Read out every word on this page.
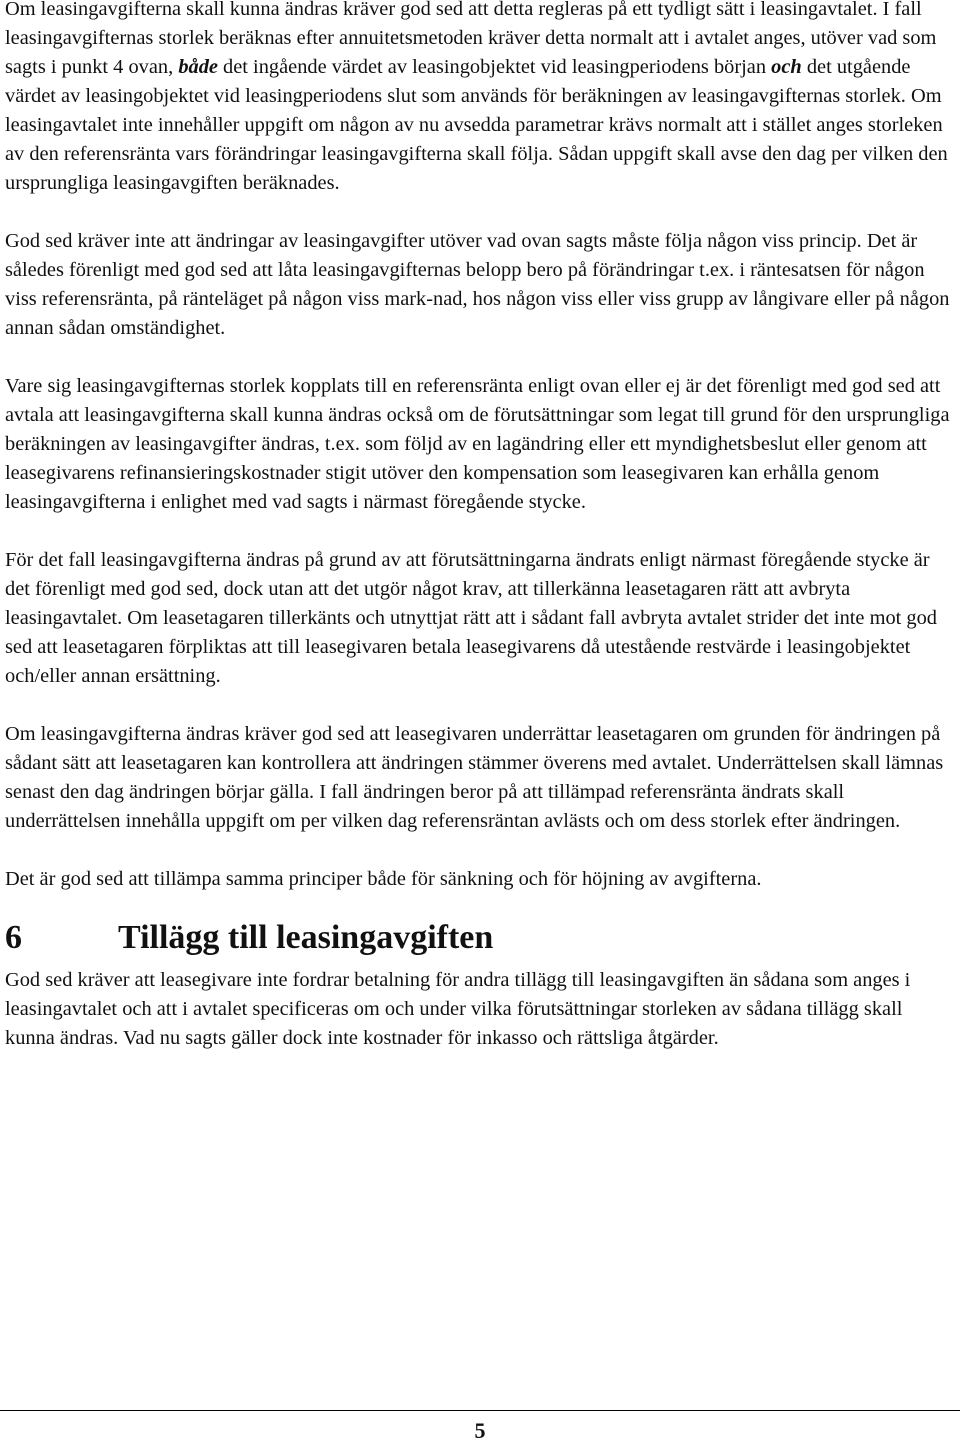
Om leasingavgifterna skall kunna ändras kräver god sed att detta regleras på ett tydligt sätt i leasingavtalet. I fall leasingavgifternas storlek beräknas efter annuitetsmetoden kräver detta normalt att i avtalet anges, utöver vad som sagts i punkt 4 ovan, både det ingående värdet av leasingobjektet vid leasingperiodens början och det utgående värdet av leasingobjektet vid leasingperiodens slut som används för beräkningen av leasingavgifternas storlek. Om leasingavtalet inte innehåller uppgift om någon av nu avsedda parametrar krävs normalt att i stället anges storleken av den referensränta vars förändringar leasingavgifterna skall följa. Sådan uppgift skall avse den dag per vilken den ursprungliga leasingavgiften beräknades.

God sed kräver inte att ändringar av leasingavgifter utöver vad ovan sagts måste följa någon viss princip. Det är således förenligt med god sed att låta leasingavgifternas belopp bero på förändringar t.ex. i räntesatsen för någon viss referensränta, på ränteläget på någon viss mark-nad, hos någon viss eller viss grupp av långivare eller på någon annan sådan omständighet.

Vare sig leasingavgifternas storlek kopplats till en referensränta enligt ovan eller ej är det förenligt med god sed att avtala att leasingavgifterna skall kunna ändras också om de förutsättningar som legat till grund för den ursprungliga beräkningen av leasingavgifter ändras, t.ex. som följd av en lagändring eller ett myndighetsbeslut eller genom att leasegivarens refinansieringskostnader stigit utöver den kompensation som leasegivaren kan erhålla genom leasingavgifterna i enlighet med vad sagts i närmast föregående stycke.

För det fall leasingavgifterna ändras på grund av att förutsättningarna ändrats enligt närmast föregående stycke är det förenligt med god sed, dock utan att det utgör något krav, att tillerkänna leasetagaren rätt att avbryta leasingavtalet. Om leasetagaren tillerkänts och utnyttjat rätt att i sådant fall avbryta avtalet strider det inte mot god sed att leasetagaren förpliktas att till leasegivaren betala leasegivarens då utestående restvärde i leasingobjektet och/eller annan ersättning.

Om leasingavgifterna ändras kräver god sed att leasegivaren underrättar leasetagaren om grunden för ändringen på sådant sätt att leasetagaren kan kontrollera att ändringen stämmer överens med avtalet. Underrättelsen skall lämnas senast den dag ändringen börjar gälla. I fall ändringen beror på att tillämpad referensränta ändrats skall underrättelsen innehålla uppgift om per vilken dag referensräntan avlästs och om dess storlek efter ändringen.

Det är god sed att tillämpa samma principer både för sänkning och för höjning av avgifterna.

6	Tillägg till leasingavgiften

God sed kräver att leasegivare inte fordrar betalning för andra tillägg till leasingavgiften än sådana som anges i leasingavtalet och att i avtalet specificeras om och under vilka förutsättningar storleken av sådana tillägg skall kunna ändras. Vad nu sagts gäller dock inte kostnader för inkasso och rättsliga åtgärder.

5
